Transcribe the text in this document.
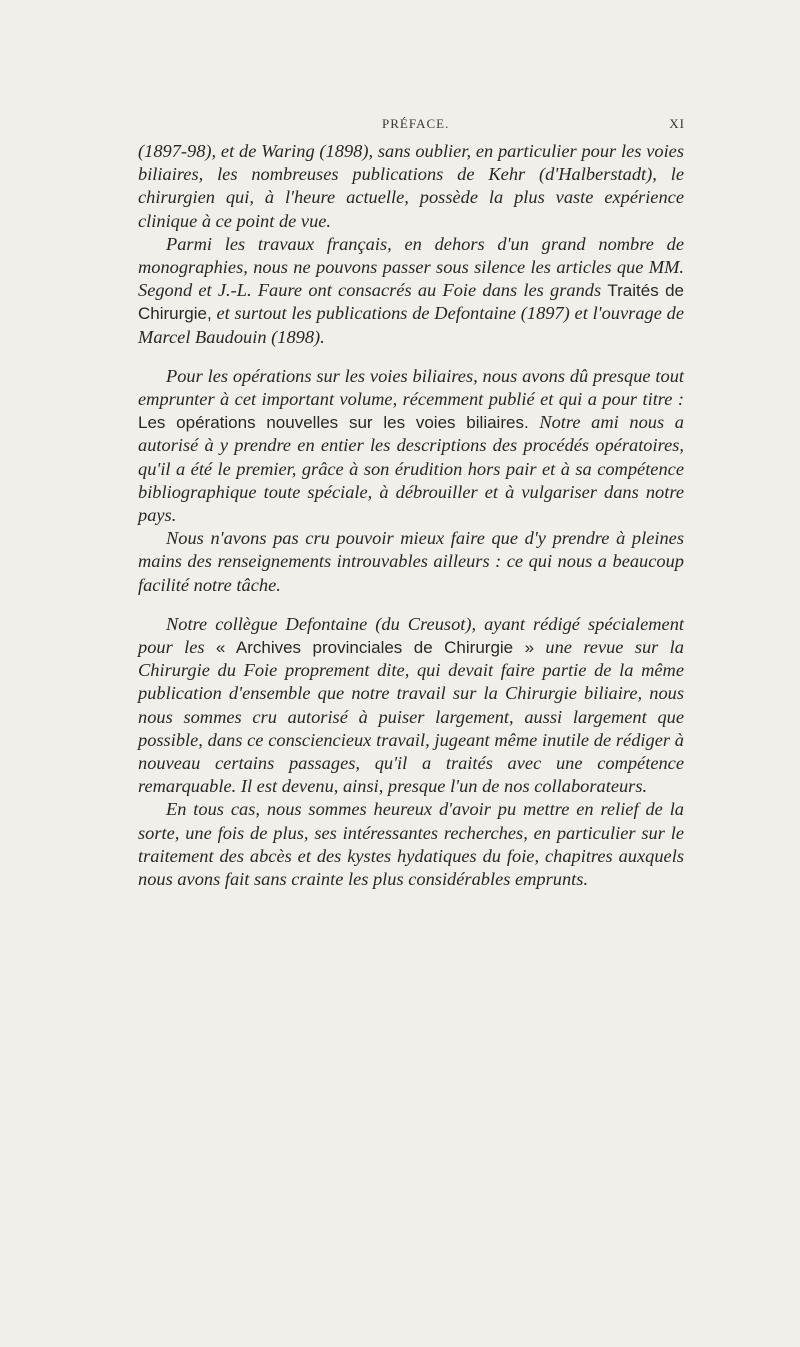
PRÉFACE.	XI

(1897-98), et de Waring (1898), sans oublier, en particulier pour les voies biliaires, les nombreuses publications de Kehr (d'Halberstadt), le chirurgien qui, à l'heure actuelle, possède la plus vaste expérience clinique à ce point de vue.

Parmi les travaux français, en dehors d'un grand nombre de monographies, nous ne pouvons passer sous silence les articles que MM. Segond et J.-L. Faure ont consacrés au Foie dans les grands Traités de Chirurgie, et surtout les publications de Defontaine (1897) et l'ouvrage de Marcel Baudouin (1898).

Pour les opérations sur les voies biliaires, nous avons dû presque tout emprunter à cet important volume, récemment publié et qui a pour titre : Les opérations nouvelles sur les voies biliaires. Notre ami nous a autorisé à y prendre en entier les descriptions des procédés opératoires, qu'il a été le premier, grâce à son érudition hors pair et à sa compétence bibliographique toute spéciale, à débrouiller et à vulgariser dans notre pays.

Nous n'avons pas cru pouvoir mieux faire que d'y prendre à pleines mains des renseignements introuvables ailleurs : ce qui nous a beaucoup facilité notre tâche.

Notre collègue Defontaine (du Creusot), ayant rédigé spécialement pour les « Archives provinciales de Chirurgie » une revue sur la Chirurgie du Foie proprement dite, qui devait faire partie de la même publication d'ensemble que notre travail sur la Chirurgie biliaire, nous nous sommes cru autorisé à puiser largement, aussi largement que possible, dans ce consciencieux travail, jugeant même inutile de rédiger à nouveau certains passages, qu'il a traités avec une compétence remarquable. Il est devenu, ainsi, presque l'un de nos collaborateurs.

En tous cas, nous sommes heureux d'avoir pu mettre en relief de la sorte, une fois de plus, ses intéressantes recherches, en particulier sur le traitement des abcès et des kystes hydatiques du foie, chapitres auxquels nous avons fait sans crainte les plus considérables emprunts.
